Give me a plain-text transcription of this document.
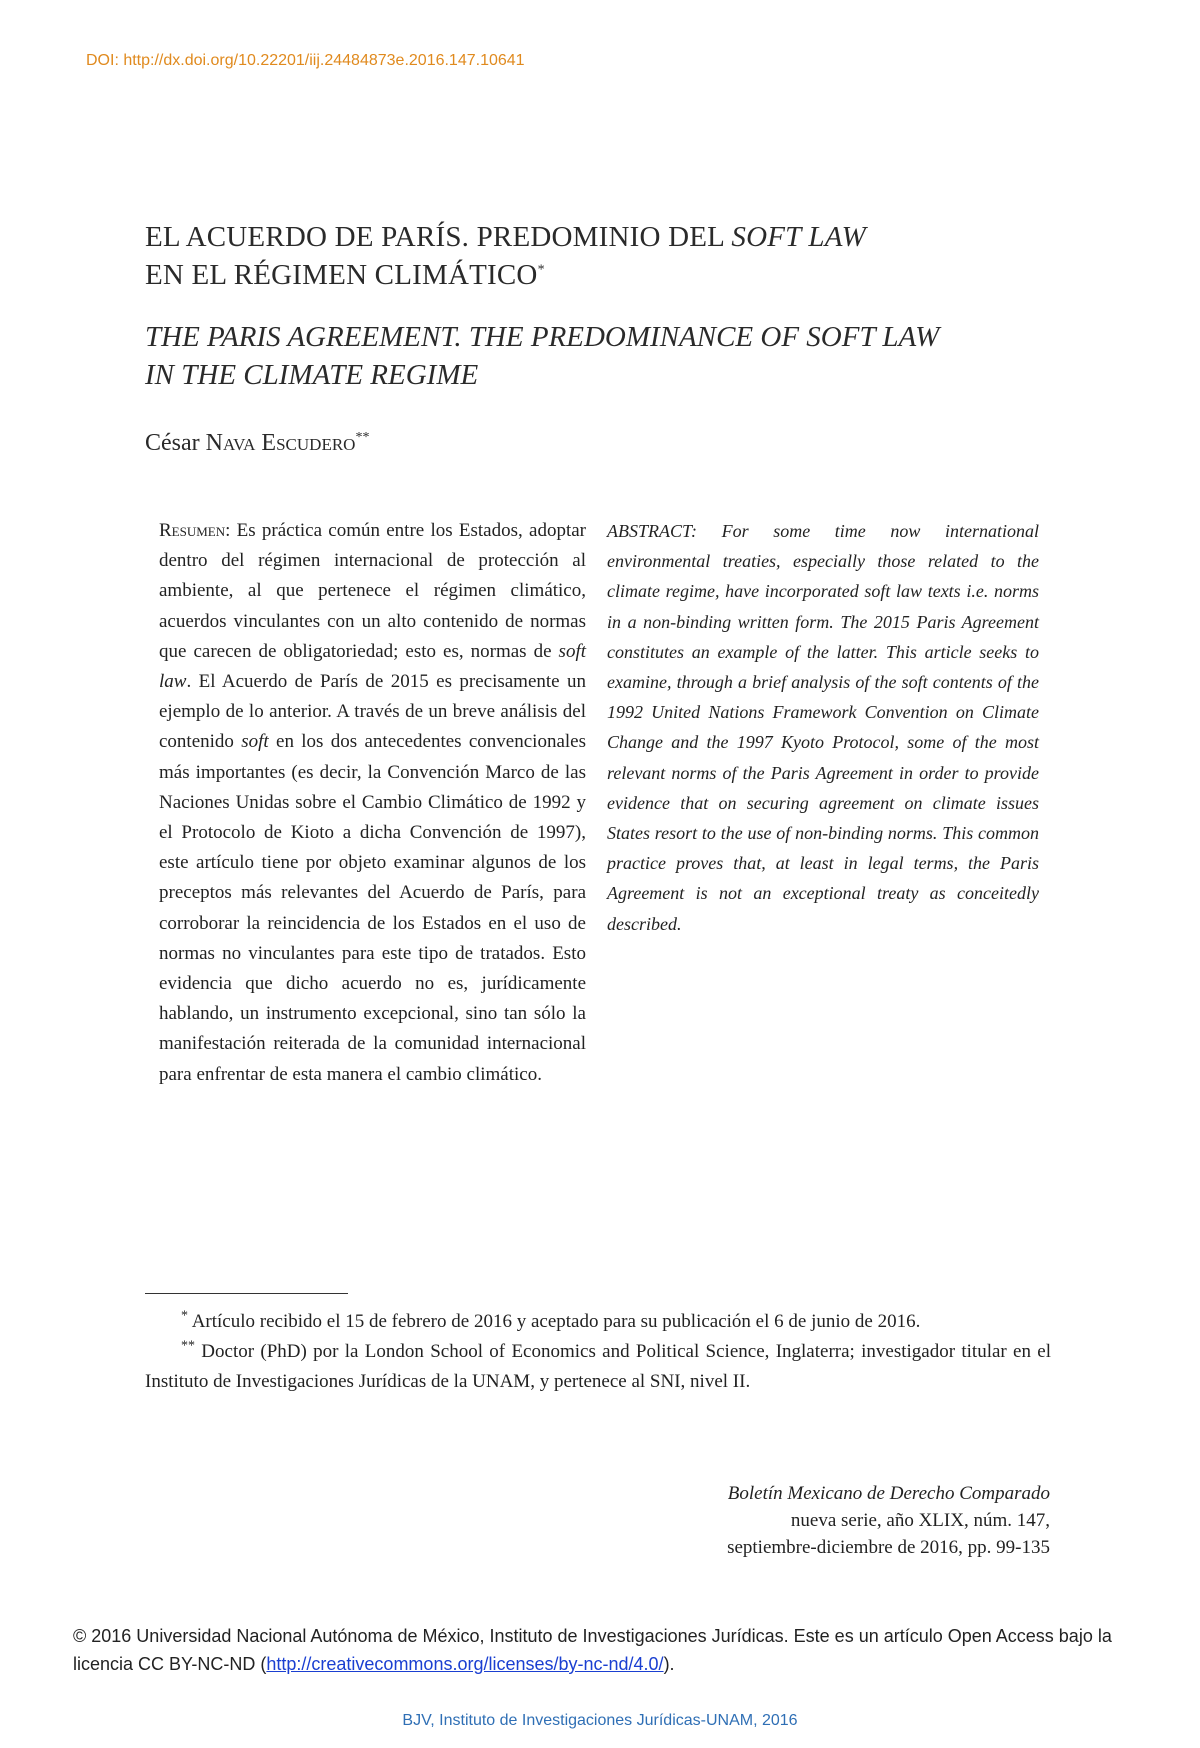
DOI: http://dx.doi.org/10.22201/iij.24484873e.2016.147.10641
EL ACUERDO DE PARÍS. PREDOMINIO DEL SOFT LAW
EN EL RÉGIMEN CLIMÁTICO*
THE PARIS AGREEMENT. THE PREDOMINANCE OF SOFT LAW
IN THE CLIMATE REGIME
César Nava Escudero**
Resumen: Es práctica común entre los Estados, adoptar dentro del régimen internacional de protección al ambiente, al que pertenece el régimen climático, acuerdos vinculantes con un alto contenido de normas que carecen de obligatoriedad; esto es, normas de soft law. El Acuerdo de París de 2015 es precisamente un ejemplo de lo anterior. A través de un breve análisis del contenido soft en los dos antecedentes convencionales más importantes (es decir, la Convención Marco de las Naciones Unidas sobre el Cambio Climático de 1992 y el Protocolo de Kioto a dicha Convención de 1997), este artículo tiene por objeto examinar algunos de los preceptos más relevantes del Acuerdo de París, para corroborar la reincidencia de los Estados en el uso de normas no vinculantes para este tipo de tratados. Esto evidencia que dicho acuerdo no es, jurídicamente hablando, un instrumento excepcional, sino tan sólo la manifestación reiterada de la comunidad internacional para enfrentar de esta manera el cambio climático.
ABSTRACT: For some time now international environmental treaties, especially those related to the climate regime, have incorporated soft law texts i.e. norms in a non-binding written form. The 2015 Paris Agreement constitutes an example of the latter. This article seeks to examine, through a brief analysis of the soft contents of the 1992 United Nations Framework Convention on Climate Change and the 1997 Kyoto Protocol, some of the most relevant norms of the Paris Agreement in order to provide evidence that on securing agreement on climate issues States resort to the use of non-binding norms. This common practice proves that, at least in legal terms, the Paris Agreement is not an exceptional treaty as conceitedly described.

* Artículo recibido el 15 de febrero de 2016 y aceptado para su publicación el 6 de junio de 2016.

** Doctor (PhD) por la London School of Economics and Political Science, Inglaterra; investigador titular en el Instituto de Investigaciones Jurídicas de la UNAM, y pertenece al SNI, nivel II.

Boletín Mexicano de Derecho Comparado
nueva serie, año XLIX, núm. 147,
septiembre-diciembre de 2016, pp. 99-135
© 2016 Universidad Nacional Autónoma de México, Instituto de Investigaciones Jurídicas. Este es un artículo Open Access bajo la licencia CC BY-NC-ND (http://creativecommons.org/licenses/by-nc-nd/4.0/).
BJV, Instituto de Investigaciones Jurídicas-UNAM, 2016
